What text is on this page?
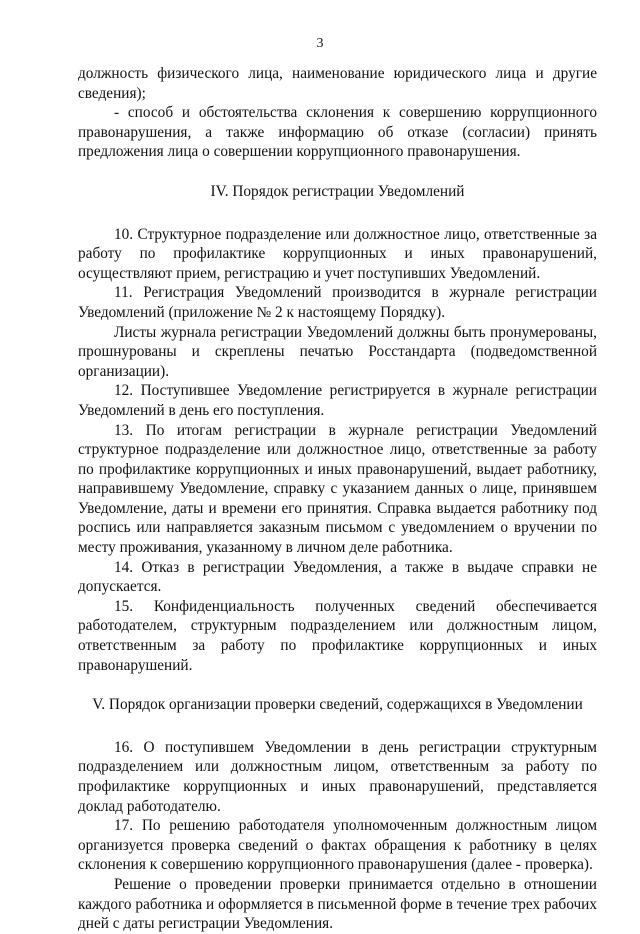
3

должность физического лица, наименование юридического лица и другие сведения);

- способ и обстоятельства склонения к совершению коррупционного правонарушения, а также информацию об отказе (согласии) принять предложения лица о совершении коррупционного правонарушения.

IV. Порядок регистрации Уведомлений

10. Структурное подразделение или должностное лицо, ответственные за работу по профилактике коррупционных и иных правонарушений, осуществляют прием, регистрацию и учет поступивших Уведомлений.

11. Регистрация Уведомлений производится в журнале регистрации Уведомлений (приложение № 2 к настоящему Порядку).

Листы журнала регистрации Уведомлений должны быть пронумерованы, прошнурованы и скреплены печатью Росстандарта (подведомственной организации).

12. Поступившее Уведомление регистрируется в журнале регистрации Уведомлений в день его поступления.

13. По итогам регистрации в журнале регистрации Уведомлений структурное подразделение или должностное лицо, ответственные за работу по профилактике коррупционных и иных правонарушений, выдает работнику, направившему Уведомление, справку с указанием данных о лице, принявшем Уведомление, даты и времени его принятия. Справка выдается работнику под роспись или направляется заказным письмом с уведомлением о вручении по месту проживания, указанному в личном деле работника.

14. Отказ в регистрации Уведомления, а также в выдаче справки не допускается.

15. Конфиденциальность полученных сведений обеспечивается работодателем, структурным подразделением или должностным лицом, ответственным за работу по профилактике коррупционных и иных правонарушений.

V. Порядок организации проверки сведений, содержащихся в Уведомлении

16. О поступившем Уведомлении в день регистрации структурным подразделением или должностным лицом, ответственным за работу по профилактике коррупционных и иных правонарушений, представляется доклад работодателю.

17. По решению работодателя уполномоченным должностным лицом организуется проверка сведений о фактах обращения к работнику в целях склонения к совершению коррупционного правонарушения (далее - проверка).

Решение о проведении проверки принимается отдельно в отношении каждого работника и оформляется в письменной форме в течение трех рабочих дней с даты регистрации Уведомления.
